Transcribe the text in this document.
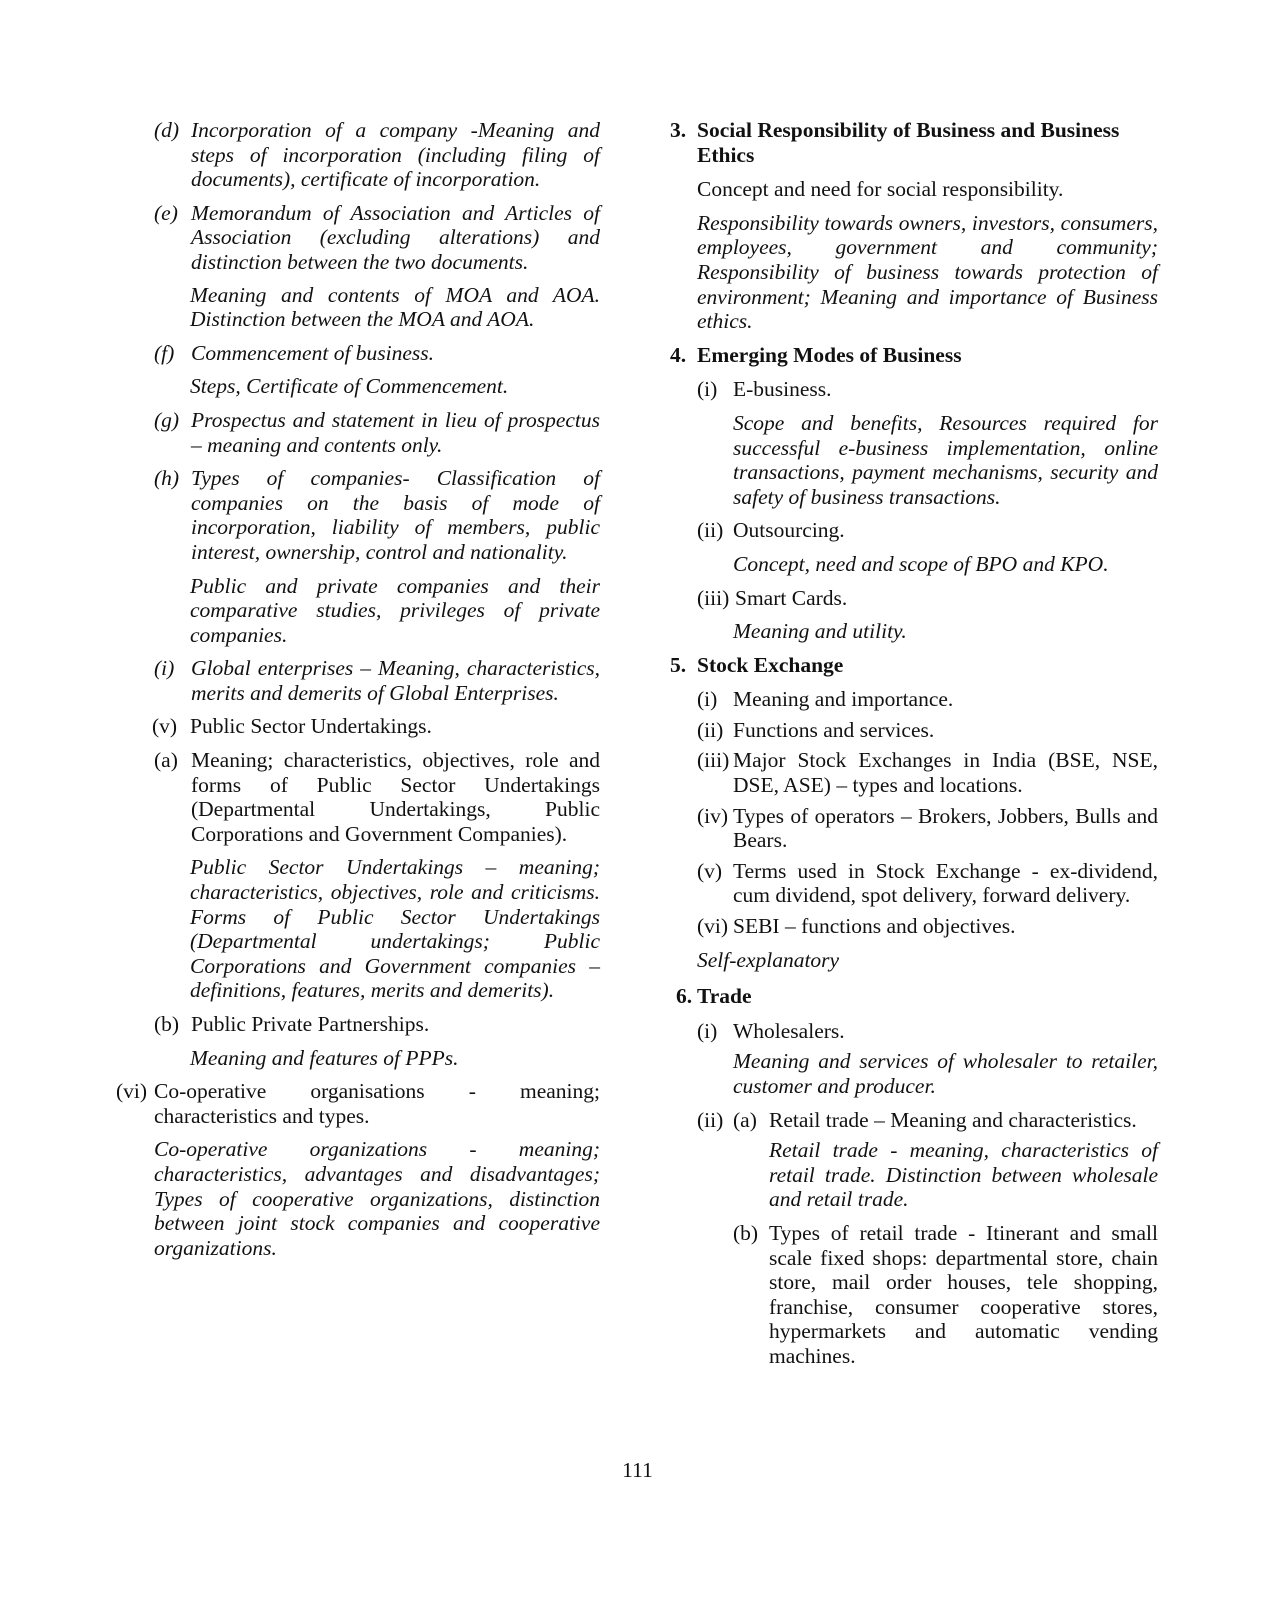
(d) Incorporation of a company -Meaning and steps of incorporation (including filing of documents), certificate of incorporation.
(e) Memorandum of Association and Articles of Association (excluding alterations) and distinction between the two documents.
Meaning and contents of MOA and AOA. Distinction between the MOA and AOA.
(f) Commencement of business.
Steps, Certificate of Commencement.
(g) Prospectus and statement in lieu of prospectus – meaning and contents only.
(h) Types of companies- Classification of companies on the basis of mode of incorporation, liability of members, public interest, ownership, control and nationality.
Public and private companies and their comparative studies, privileges of private companies.
(i) Global enterprises – Meaning, characteristics, merits and demerits of Global Enterprises.
(v) Public Sector Undertakings.
(a) Meaning; characteristics, objectives, role and forms of Public Sector Undertakings (Departmental Undertakings, Public Corporations and Government Companies).
Public Sector Undertakings – meaning; characteristics, objectives, role and criticisms. Forms of Public Sector Undertakings (Departmental undertakings; Public Corporations and Government companies – definitions, features, merits and demerits).
(b) Public Private Partnerships.
Meaning and features of PPPs.
(vi) Co-operative organisations - meaning; characteristics and types.
Co-operative organizations - meaning; characteristics, advantages and disadvantages; Types of cooperative organizations, distinction between joint stock companies and cooperative organizations.
3. Social Responsibility of Business and Business Ethics
Concept and need for social responsibility.
Responsibility towards owners, investors, consumers, employees, government and community; Responsibility of business towards protection of environment; Meaning and importance of Business ethics.
4. Emerging Modes of Business
(i) E-business.
Scope and benefits, Resources required for successful e-business implementation, online transactions, payment mechanisms, security and safety of business transactions.
(ii) Outsourcing.
Concept, need and scope of BPO and KPO.
(iii) Smart Cards.
Meaning and utility.
5. Stock Exchange
(i) Meaning and importance.
(ii) Functions and services.
(iii) Major Stock Exchanges in India (BSE, NSE, DSE, ASE) – types and locations.
(iv) Types of operators – Brokers, Jobbers, Bulls and Bears.
(v) Terms used in Stock Exchange - ex-dividend, cum dividend, spot delivery, forward delivery.
(vi) SEBI – functions and objectives.
Self-explanatory
6. Trade
(i) Wholesalers.
Meaning and services of wholesaler to retailer, customer and producer.
(ii) (a) Retail trade – Meaning and characteristics.
Retail trade - meaning, characteristics of retail trade. Distinction between wholesale and retail trade.
(b) Types of retail trade - Itinerant and small scale fixed shops: departmental store, chain store, mail order houses, tele shopping, franchise, consumer cooperative stores, hypermarkets and automatic vending machines.
111
